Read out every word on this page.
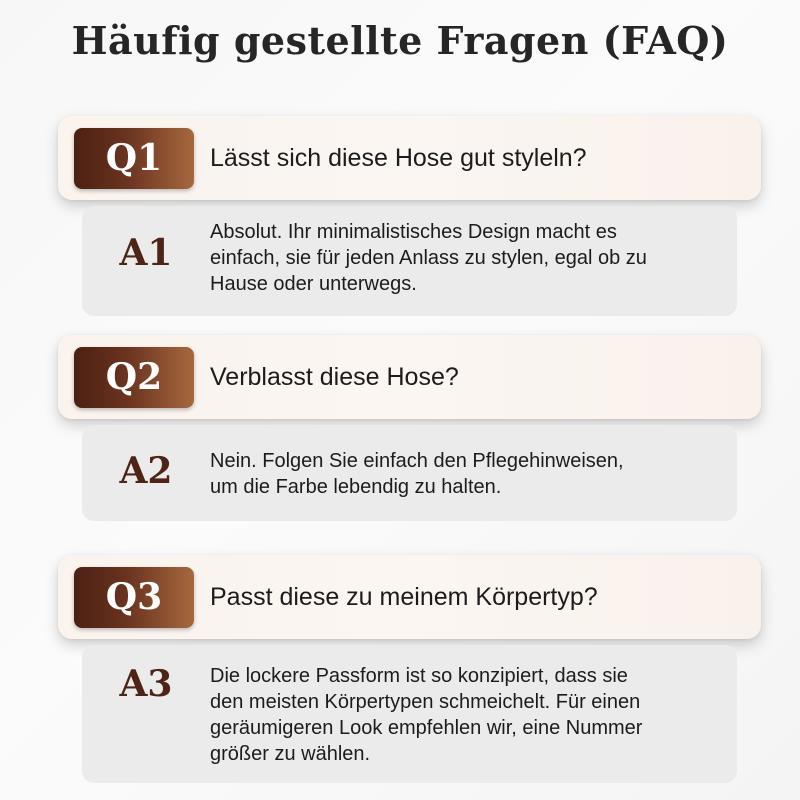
Häufig gestellte Fragen (FAQ)
Q1	Lässt sich diese Hose gut styleln?
A1	Absolut. Ihr minimalistisches Design macht es
einfach, sie für jeden Anlass zu stylen, egal ob zu
Hause oder unterwegs.
Q2	Verblasst diese Hose?
A2	Nein. Folgen Sie einfach den Pflegehinweisen,
um die Farbe lebendig zu halten.
Q3	Passt diese zu meinem Körpertyp?
A3	Die lockere Passform ist so konzipiert, dass sie
den meisten Körpertypen schmeichelt. Für einen
geräumigeren Look empfehlen wir, eine Nummer
größer zu wählen.
